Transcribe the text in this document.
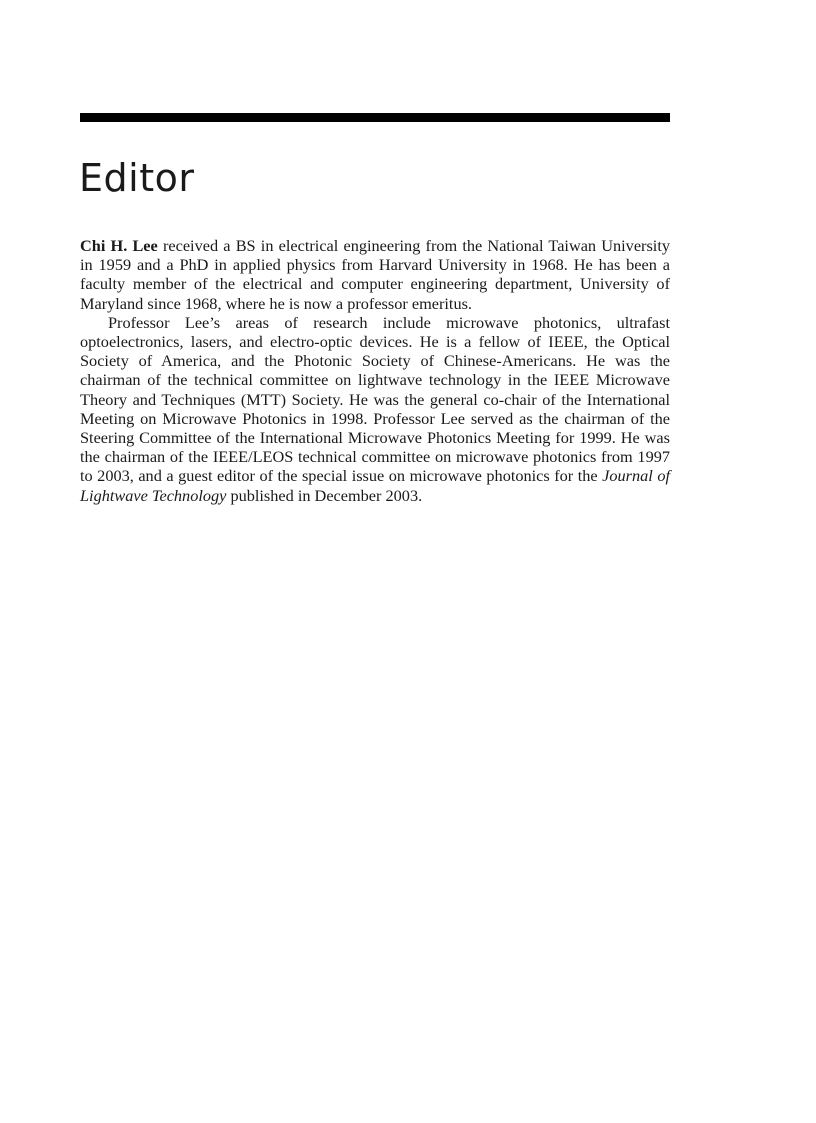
Editor

Chi H. Lee received a BS in electrical engineering from the National Taiwan University in 1959 and a PhD in applied physics from Harvard University in 1968. He has been a faculty member of the electrical and computer engineering department, University of Maryland since 1968, where he is now a professor emeritus.

Professor Lee’s areas of research include microwave photonics, ultrafast optoelectronics, lasers, and electro-optic devices. He is a fellow of IEEE, the Optical Society of America, and the Photonic Society of Chinese-Americans. He was the chairman of the technical committee on lightwave technology in the IEEE Microwave Theory and Techniques (MTT) Society. He was the general co-chair of the International Meeting on Microwave Photonics in 1998. Professor Lee served as the chairman of the Steering Committee of the International Microwave Photonics Meeting for 1999. He was the chairman of the IEEE/LEOS technical committee on microwave photonics from 1997 to 2003, and a guest editor of the special issue on microwave photonics for the Journal of Lightwave Technology published in December 2003.
